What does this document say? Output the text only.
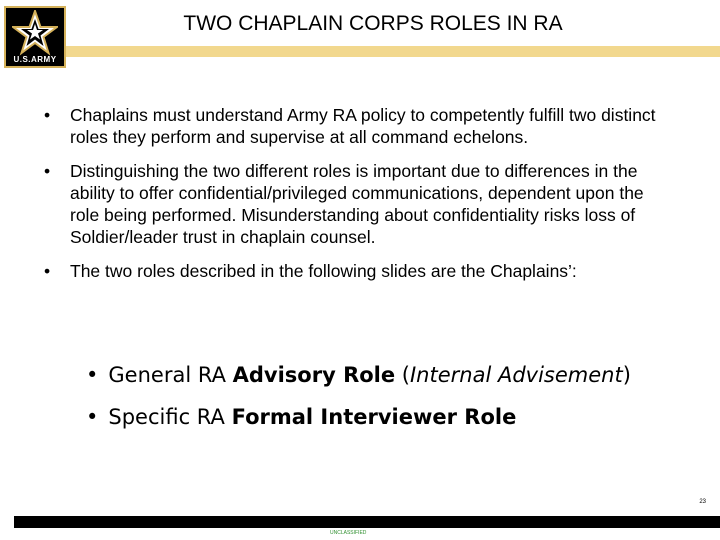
U.S.ARMY
TWO CHAPLAIN CORPS ROLES IN RA

• Chaplains must understand Army RA policy to competently fulfill two distinct roles they perform and supervise at all command echelons.

• Distinguishing the two different roles is important due to differences in the ability to offer confidential/privileged communications, dependent upon the role being performed. Misunderstanding about confidentiality risks loss of Soldier/leader trust in chaplain counsel.

• The two roles described in the following slides are the Chaplains’:

• General RA Advisory Role (Internal Advisement)
• Specific RA Formal Interviewer Role
23
UNCLASSIFIED
